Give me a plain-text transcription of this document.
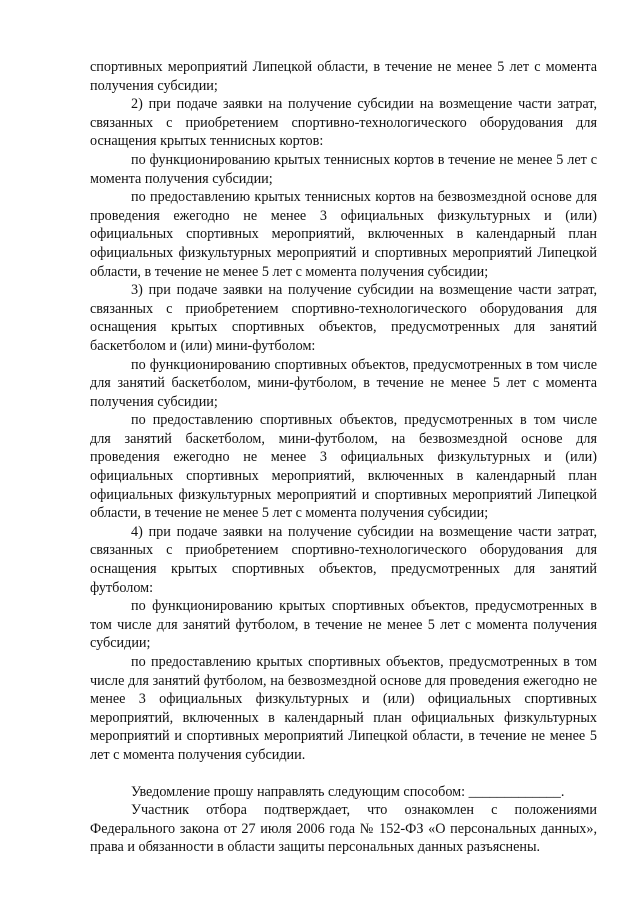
спортивных мероприятий Липецкой области, в течение не менее 5 лет с момента получения субсидии;

2) при подаче заявки на получение субсидии на возмещение части затрат, связанных с приобретением спортивно-технологического оборудования для оснащения крытых теннисных кортов:

по функционированию крытых теннисных кортов в течение не менее 5 лет с момента получения субсидии;

по предоставлению крытых теннисных кортов на безвозмездной основе для проведения ежегодно не менее 3 официальных физкультурных и (или) официальных спортивных мероприятий, включенных в календарный план официальных физкультурных мероприятий и спортивных мероприятий Липецкой области, в течение не менее 5 лет с момента получения субсидии;

3) при подаче заявки на получение субсидии на возмещение части затрат, связанных с приобретением спортивно-технологического оборудования для оснащения крытых спортивных объектов, предусмотренных для занятий баскетболом и (или) мини-футболом:

по функционированию спортивных объектов, предусмотренных в том числе для занятий баскетболом, мини-футболом, в течение не менее 5 лет с момента получения субсидии;

по предоставлению спортивных объектов, предусмотренных в том числе для занятий баскетболом, мини-футболом, на безвозмездной основе для проведения ежегодно не менее 3 официальных физкультурных и (или) официальных спортивных мероприятий, включенных в календарный план официальных физкультурных мероприятий и спортивных мероприятий Липецкой области, в течение не менее 5 лет с момента получения субсидии;

4) при подаче заявки на получение субсидии на возмещение части затрат, связанных с приобретением спортивно-технологического оборудования для оснащения крытых спортивных объектов, предусмотренных для занятий футболом:

по функционированию крытых спортивных объектов, предусмотренных в том числе для занятий футболом, в течение не менее 5 лет с момента получения субсидии;

по предоставлению крытых спортивных объектов, предусмотренных в том числе для занятий футболом, на безвозмездной основе для проведения ежегодно не менее 3 официальных физкультурных и (или) официальных спортивных мероприятий, включенных в календарный план официальных физкультурных мероприятий и спортивных мероприятий Липецкой области, в течение не менее 5 лет с момента получения субсидии.

Уведомление прошу направлять следующим способом: _____________.

Участник отбора подтверждает, что ознакомлен с положениями Федерального закона от 27 июля 2006 года № 152-ФЗ «О персональных данных», права и обязанности в области защиты персональных данных разъяснены.
